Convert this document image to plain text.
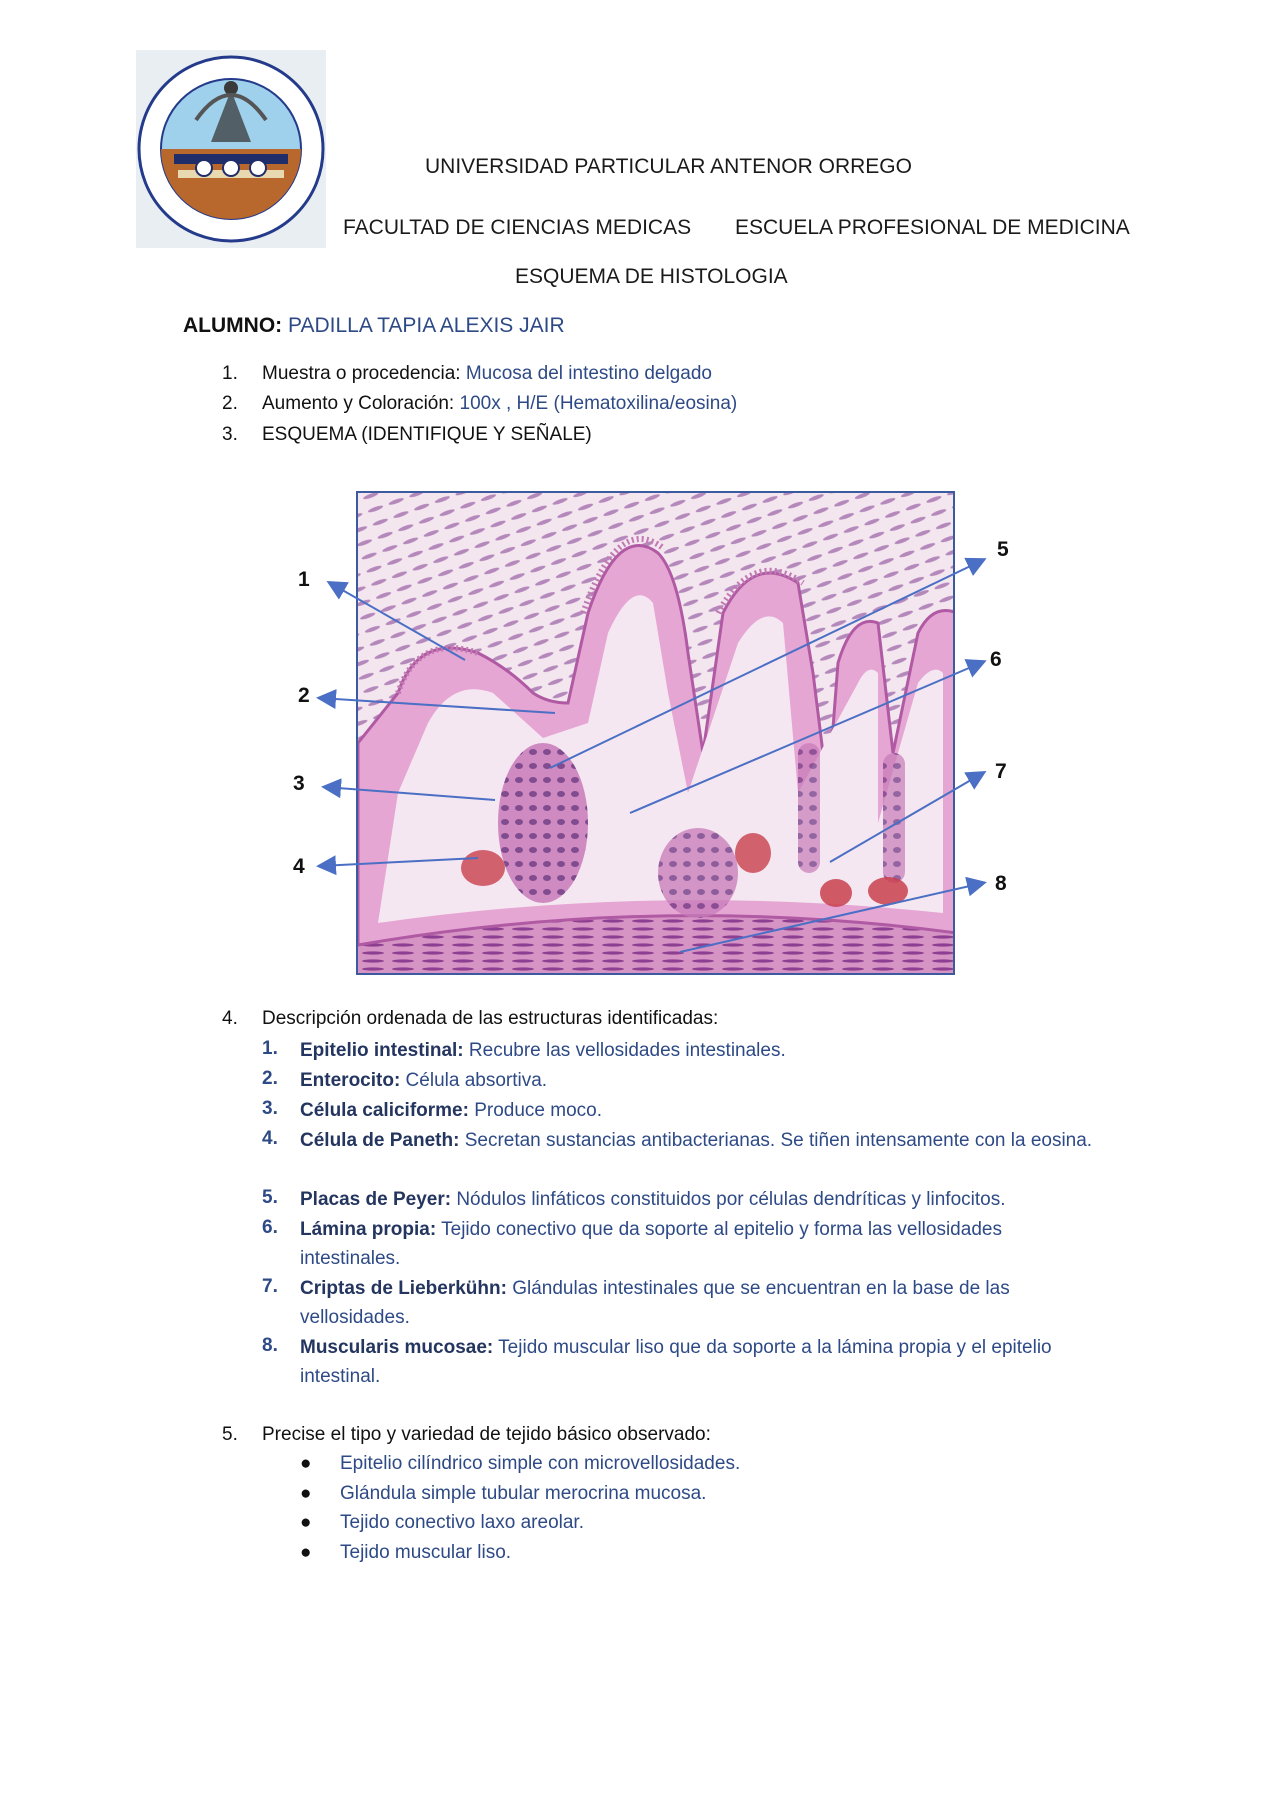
UNIVERSIDAD PARTICULAR ANTENOR ORREGO
FACULTAD DE CIENCIAS MEDICAS ESCUELA PROFESIONAL DE MEDICINA
ESQUEMA DE HISTOLOGIA
ALUMNO: PADILLA TAPIA ALEXIS JAIR
1. Muestra o procedencia: Mucosa del intestino delgado
2. Aumento y Coloración: 100x , H/E (Hematoxilina/eosina)
3. ESQUEMA (IDENTIFIQUE Y SEÑALE)
1
2
3
4
5
6
7
8
4. Descripción ordenada de las estructuras identificadas:
1. Epitelio intestinal: Recubre las vellosidades intestinales.
2. Enterocito: Célula absortiva.
3. Célula caliciforme: Produce moco.
4. Célula de Paneth: Secretan sustancias antibacterianas. Se tiñen intensamente con la eosina.
5. Placas de Peyer: Nódulos linfáticos constituidos por células dendríticas y linfocitos.
6. Lámina propia: Tejido conectivo que da soporte al epitelio y forma las vellosidades intestinales.
7. Criptas de Lieberkühn: Glándulas intestinales que se encuentran en la base de las vellosidades.
8. Muscularis mucosae: Tejido muscular liso que da soporte a la lámina propia y el epitelio intestinal.
5. Precise el tipo y variedad de tejido básico observado:
● Epitelio cilíndrico simple con microvellosidades.
● Glándula simple tubular merocrina mucosa.
● Tejido conectivo laxo areolar.
● Tejido muscular liso.
